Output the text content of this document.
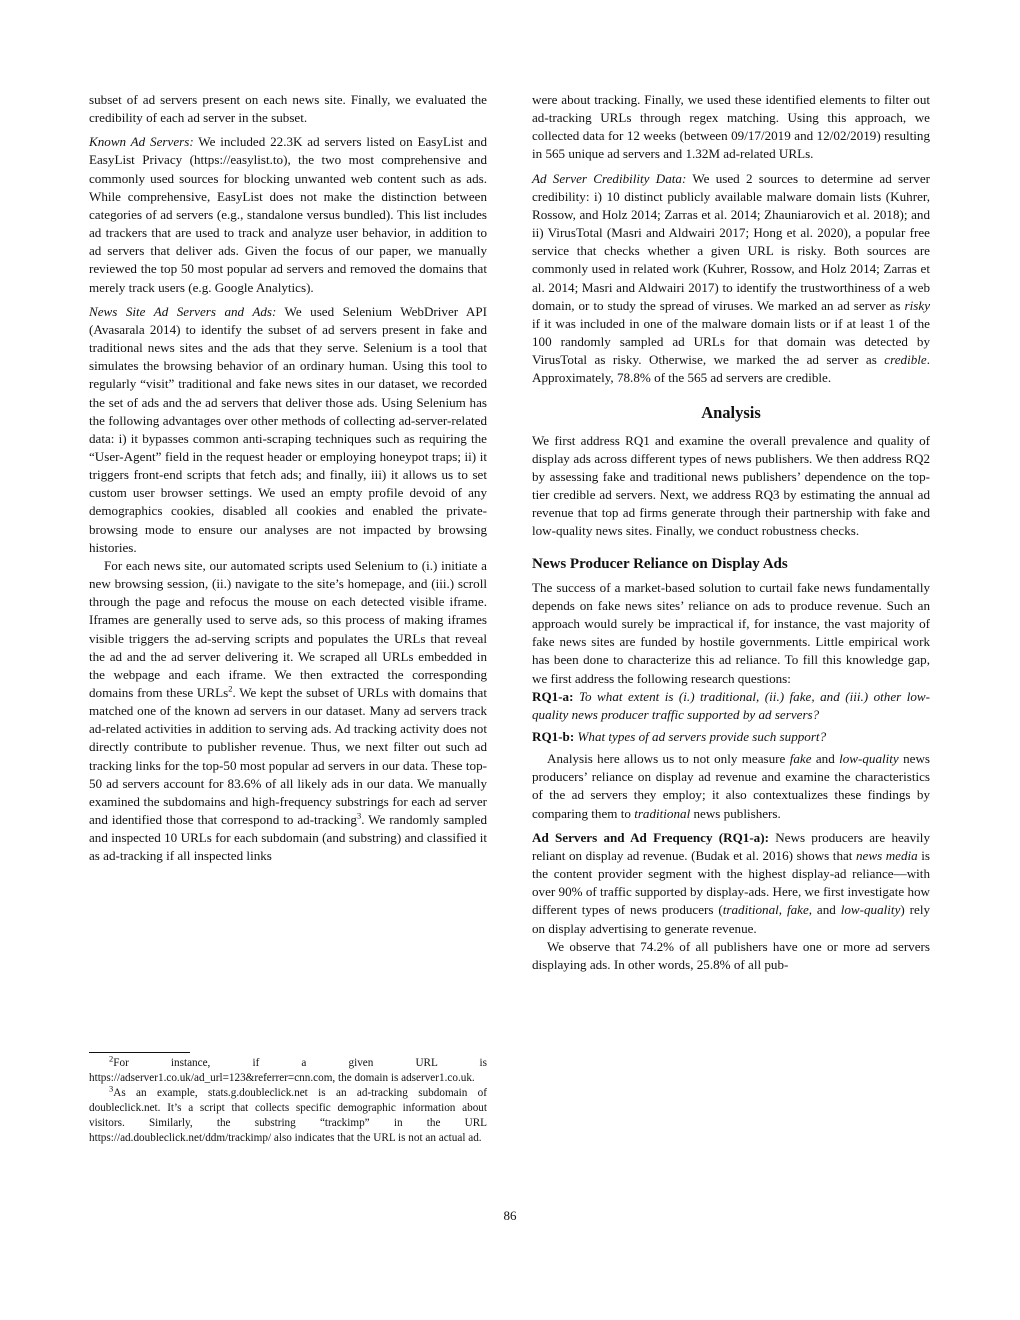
subset of ad servers present on each news site. Finally, we evaluated the credibility of each ad server in the subset.

Known Ad Servers: We included 22.3K ad servers listed on EasyList and EasyList Privacy (https://easylist.to), the two most comprehensive and commonly used sources for blocking unwanted web content such as ads. While comprehensive, EasyList does not make the distinction between categories of ad servers (e.g., standalone versus bundled). This list includes ad trackers that are used to track and analyze user behavior, in addition to ad servers that deliver ads. Given the focus of our paper, we manually reviewed the top 50 most popular ad servers and removed the domains that merely track users (e.g. Google Analytics).

News Site Ad Servers and Ads: We used Selenium WebDriver API (Avasarala 2014) to identify the subset of ad servers present in fake and traditional news sites and the ads that they serve. Selenium is a tool that simulates the browsing behavior of an ordinary human. Using this tool to regularly “visit” traditional and fake news sites in our dataset, we recorded the set of ads and the ad servers that deliver those ads. Using Selenium has the following advantages over other methods of collecting ad-server-related data: i) it bypasses common anti-scraping techniques such as requiring the “User-Agent” field in the request header or employing honeypot traps; ii) it triggers front-end scripts that fetch ads; and finally, iii) it allows us to set custom user browser settings. We used an empty profile devoid of any demographics cookies, disabled all cookies and enabled the private-browsing mode to ensure our analyses are not impacted by browsing histories.

For each news site, our automated scripts used Selenium to (i.) initiate a new browsing session, (ii.) navigate to the site’s homepage, and (iii.) scroll through the page and refocus the mouse on each detected visible iframe. Iframes are generally used to serve ads, so this process of making iframes visible triggers the ad-serving scripts and populates the URLs that reveal the ad and the ad server delivering it. We scraped all URLs embedded in the webpage and each iframe. We then extracted the corresponding domains from these URLs$^2$. We kept the subset of URLs with domains that matched one of the known ad servers in our dataset. Many ad servers track ad-related activities in addition to serving ads. Ad tracking activity does not directly contribute to publisher revenue. Thus, we next filter out such ad tracking links for the top-50 most popular ad servers in our data. These top-50 ad servers account for 83.6% of all likely ads in our data. We manually examined the subdomains and high-frequency substrings for each ad server and identified those that correspond to ad-tracking$^3$. We randomly sampled and inspected 10 URLs for each subdomain (and substring) and classified it as ad-tracking if all inspected links

$^2$For instance, if a given URL is https://adserver1.co.uk/ad_url=123&referrer=cnn.com, the domain is adserver1.co.uk.

$^3$As an example, stats.g.doubleclick.net is an ad-tracking subdomain of doubleclick.net. It’s a script that collects specific demographic information about visitors. Similarly, the substring “trackimp” in the URL https://ad.doubleclick.net/ddm/trackimp/ also indicates that the URL is not an actual ad.

were about tracking. Finally, we used these identified elements to filter out ad-tracking URLs through regex matching. Using this approach, we collected data for 12 weeks (between 09/17/2019 and 12/02/2019) resulting in 565 unique ad servers and 1.32M ad-related URLs.

Ad Server Credibility Data: We used 2 sources to determine ad server credibility: i) 10 distinct publicly available malware domain lists (Kuhrer, Rossow, and Holz 2014; Zarras et al. 2014; Zhauniarovich et al. 2018); and ii) VirusTotal (Masri and Aldwairi 2017; Hong et al. 2020), a popular free service that checks whether a given URL is risky. Both sources are commonly used in related work (Kuhrer, Rossow, and Holz 2014; Zarras et al. 2014; Masri and Aldwairi 2017) to identify the trustworthiness of a web domain, or to study the spread of viruses. We marked an ad server as risky if it was included in one of the malware domain lists or if at least 1 of the 100 randomly sampled ad URLs for that domain was detected by VirusTotal as risky. Otherwise, we marked the ad server as credible. Approximately, 78.8% of the 565 ad servers are credible.

Analysis

We first address RQ1 and examine the overall prevalence and quality of display ads across different types of news publishers. We then address RQ2 by assessing fake and traditional news publishers’ dependence on the top-tier credible ad servers. Next, we address RQ3 by estimating the annual ad revenue that top ad firms generate through their partnership with fake and low-quality news sites. Finally, we conduct robustness checks.

News Producer Reliance on Display Ads

The success of a market-based solution to curtail fake news fundamentally depends on fake news sites’ reliance on ads to produce revenue. Such an approach would surely be impractical if, for instance, the vast majority of fake news sites are funded by hostile governments. Little empirical work has been done to characterize this ad reliance. To fill this knowledge gap, we first address the following research questions:

RQ1-a: To what extent is (i.) traditional, (ii.) fake, and (iii.) other low-quality news producer traffic supported by ad servers?

RQ1-b: What types of ad servers provide such support?

Analysis here allows us to not only measure fake and low-quality news producers’ reliance on display ad revenue and examine the characteristics of the ad servers they employ; it also contextualizes these findings by comparing them to traditional news publishers.

Ad Servers and Ad Frequency (RQ1-a): News producers are heavily reliant on display ad revenue. (Budak et al. 2016) shows that news media is the content provider segment with the highest display-ad reliance—with over 90% of traffic supported by display-ads. Here, we first investigate how different types of news producers (traditional, fake, and low-quality) rely on display advertising to generate revenue.

We observe that 74.2% of all publishers have one or more ad servers displaying ads. In other words, 25.8% of all pub-

86
